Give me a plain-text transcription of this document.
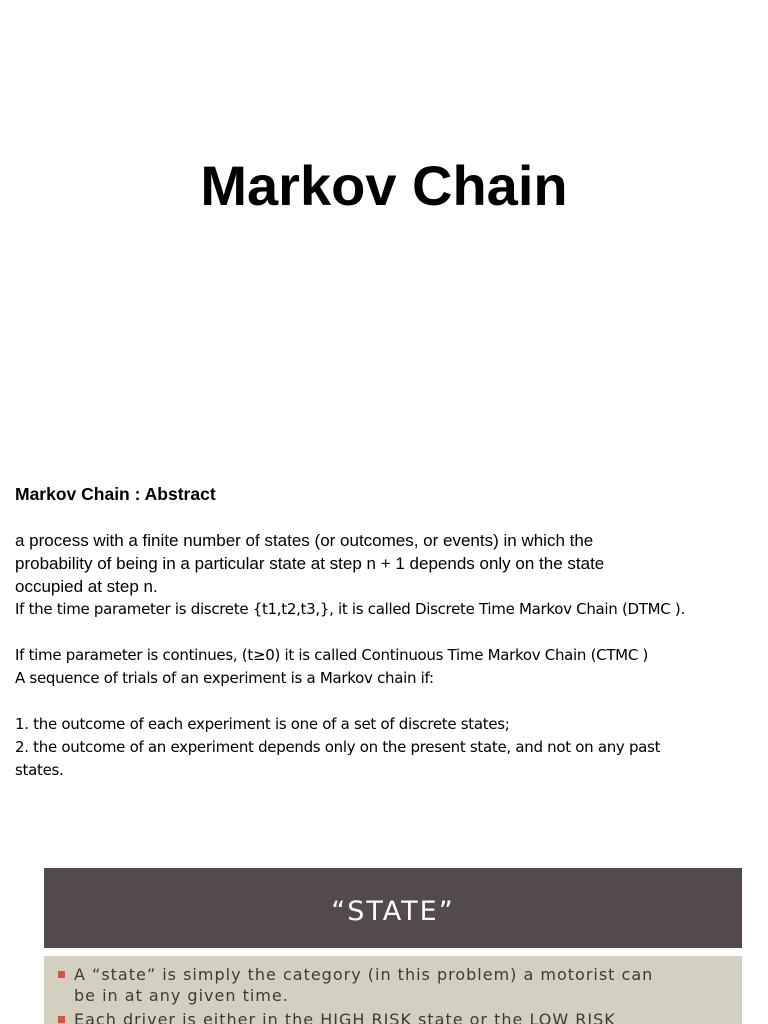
Markov Chain

Markov Chain : Abstract

a process with a finite number of states (or outcomes, or events) in which the

probability of being in a particular state at step n + 1 depends only on the state

occupied at step n.

If the time parameter is discrete {t1,t2,t3,}, it is called Discrete Time Markov Chain (DTMC ).

If time parameter is continues, (t≥0) it is called Continuous Time Markov Chain (CTMC )

A sequence of trials of an experiment is a Markov chain if:

1. the outcome of each experiment is one of a set of discrete states;

2. the outcome of an experiment depends only on the present state, and not on any past

states.

“STATE”
A “state” is simply the category (in this problem) a motorist can
be in at any given time.
Each driver is either in the HIGH RISK state or the LOW RISK
